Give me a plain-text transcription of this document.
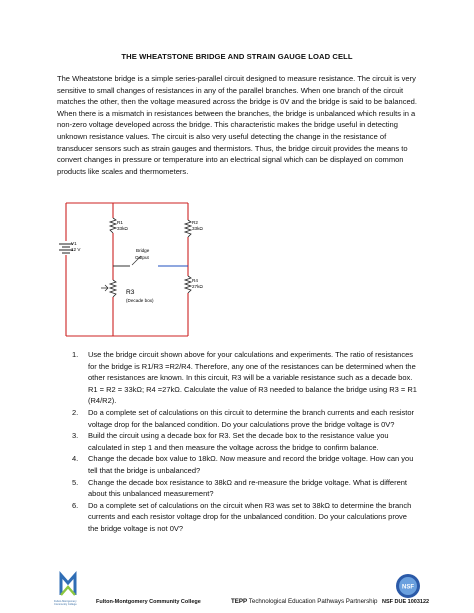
THE WHEATSTONE BRIDGE AND STRAIN GAUGE LOAD CELL

The Wheatstone bridge is a simple series-parallel circuit designed to measure resistance. The circuit is very sensitive to small changes of resistances in any of the parallel branches. When one branch of the circuit matches the other, then the voltage measured across the bridge is 0V and the bridge is said to be balanced. When there is a mismatch in resistances between the branches, the bridge is unbalanced which results in a non-zero voltage developed across the bridge. This characteristic makes the bridge useful in detecting unknown resistance values. The circuit is also very useful detecting the change in the resistance of transducer sensors such as strain gauges and thermistors. Thus, the bridge circuit provides the means to convert changes in pressure or temperature into an electrical signal which can be displayed on common products like scales and thermometers.

R1
33kΩ
R2
33kΩ
R4
27kΩ
V1
12 V	Bridge
Output
R3
(Decade box)
1. Use the bridge circuit shown above for your calculations and experiments. The ratio of resistances for the bridge is R1/R3 =R2/R4. Therefore, any one of the resistances can be determined when the other resistances are known. In this circuit, R3 will be a variable resistance such as a decade box. R1 = R2 = 33kΩ; R4 =27kΩ. Calculate the value of R3 needed to balance the bridge using R3 = R1 (R4/R2).
2. Do a complete set of calculations on this circuit to determine the branch currents and each resistor voltage drop for the balanced condition. Do your calculations prove the bridge voltage is 0V?
3. Build the circuit using a decade box for R3. Set the decade box to the resistance value you calculated in step 1 and then measure the voltage across the bridge to confirm balance.
4. Change the decade box value to 18kΩ. Now measure and record the bridge voltage. How can you tell that the bridge is unbalanced?
5. Change the decade box resistance to 38kΩ and re-measure the bridge voltage. What is different about this unbalanced measurement?
6. Do a complete set of calculations on the circuit when R3 was set to 38kΩ to determine the branch currents and each resistor voltage drop for the unbalanced condition. Do your calculations prove the bridge voltage is not 0V?
Fulton-Montgomery Community College	Fulton-Montgomery Community College	TEPP Technological Education Pathways Partnership
NSF
NSF DUE 1003122
